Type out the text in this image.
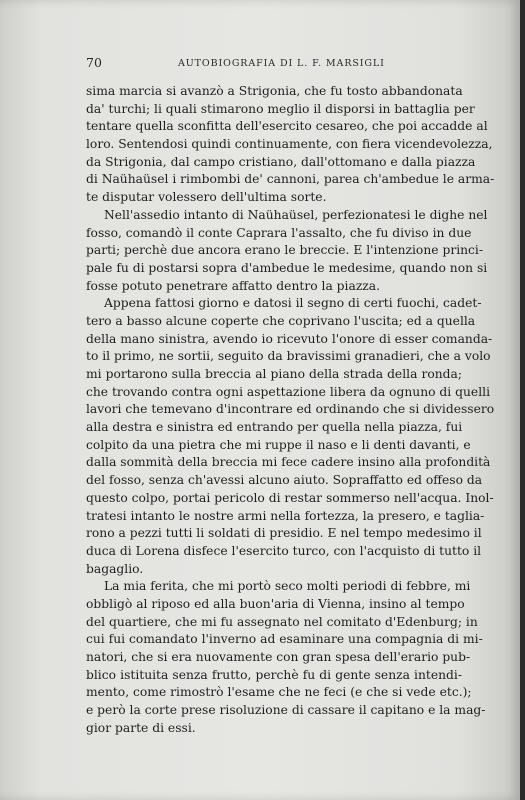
70	AUTOBIOGRAFIA DI L. F. MARSIGLI
sima marcia si avanzò a Strigonia, che fu tosto abbandonata
da' turchi; li quali stimarono meglio il disporsi in battaglia per
tentare quella sconfitta dell'esercito cesareo, che poi accadde al
loro. Sentendosi quindi continuamente, con fiera vicendevolezza,
da Strigonia, dal campo cristiano, dall'ottomano e dalla piazza
di Naühaüsel i rimbombi de' cannoni, parea ch'ambedue le arma-
te disputar volessero dell'ultima sorte.
Nell'assedio intanto di Naühaüsel, perfezionatesi le dighe nel
fosso, comandò il conte Caprara l'assalto, che fu diviso in due
parti; perchè due ancora erano le breccie. E l'intenzione princi-
pale fu di postarsi sopra d'ambedue le medesime, quando non si
fosse potuto penetrare affatto dentro la piazza.
Appena fattosi giorno e datosi il segno di certi fuochi, cadet-
tero a basso alcune coperte che coprivano l'uscita; ed a quella
della mano sinistra, avendo io ricevuto l'onore di esser comanda-
to il primo, ne sortii, seguito da bravissimi granadieri, che a volo
mi portarono sulla breccia al piano della strada della ronda;
che trovando contra ogni aspettazione libera da ognuno di quelli
lavori che temevano d'incontrare ed ordinando che si dividessero
alla destra e sinistra ed entrando per quella nella piazza, fui
colpito da una pietra che mi ruppe il naso e li denti davanti, e
dalla sommità della breccia mi fece cadere insino alla profondità
del fosso, senza ch'avessi alcuno aiuto. Sopraffatto ed offeso da
questo colpo, portai pericolo di restar sommerso nell'acqua. Inol-
tratesi intanto le nostre armi nella fortezza, la presero, e taglia-
rono a pezzi tutti li soldati di presidio. E nel tempo medesimo il
duca di Lorena disfece l'esercito turco, con l'acquisto di tutto il
bagaglio.
La mia ferita, che mi portò seco molti periodi di febbre, mi
obbligò al riposo ed alla buon'aria di Vienna, insino al tempo
del quartiere, che mi fu assegnato nel comitato d'Edenburg; in
cui fui comandato l'inverno ad esaminare una compagnia di mi-
natori, che si era nuovamente con gran spesa dell'erario pub-
blico istituita senza frutto, perchè fu di gente senza intendi-
mento, come rimostrò l'esame che ne feci (e che si vede etc.);
e però la corte prese risoluzione di cassare il capitano e la mag-
gior parte di essi.
